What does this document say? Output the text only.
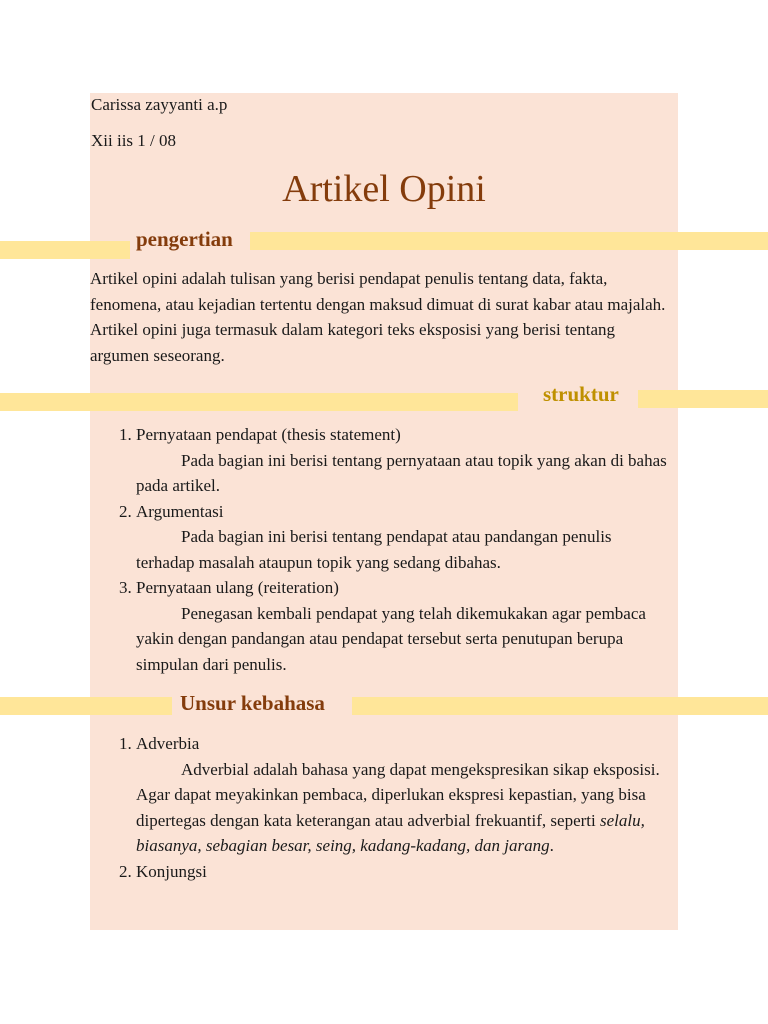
Carissa zayyanti a.p

Xii iis 1 / 08

Artikel Opini
pengertian

Artikel opini adalah tulisan yang berisi pendapat penulis tentang data, fakta, fenomena, atau kejadian tertentu dengan maksud dimuat di surat kabar atau majalah. Artikel opini juga termasuk dalam kategori teks eksposisi yang berisi tentang argumen seseorang.

struktur
1. Pernyataan pendapat (thesis statement)
Pada bagian ini berisi tentang pernyataan atau topik yang akan di bahas pada artikel.
2. Argumentasi
Pada bagian ini berisi tentang pendapat atau pandangan penulis terhadap masalah ataupun topik yang sedang dibahas.
3. Pernyataan ulang (reiteration)
Penegasan kembali pendapat yang telah dikemukakan agar pembaca yakin dengan pandangan atau pendapat tersebut serta penutupan berupa simpulan dari penulis.
Unsur kebahasa
1. Adverbia
Adverbial adalah bahasa yang dapat mengekspresikan sikap eksposisi. Agar dapat meyakinkan pembaca, diperlukan ekspresi kepastian, yang bisa dipertegas dengan kata keterangan atau adverbial frekuantif, seperti selalu, biasanya, sebagian besar, seing, kadang-kadang, dan jarang.
2. Konjungsi
